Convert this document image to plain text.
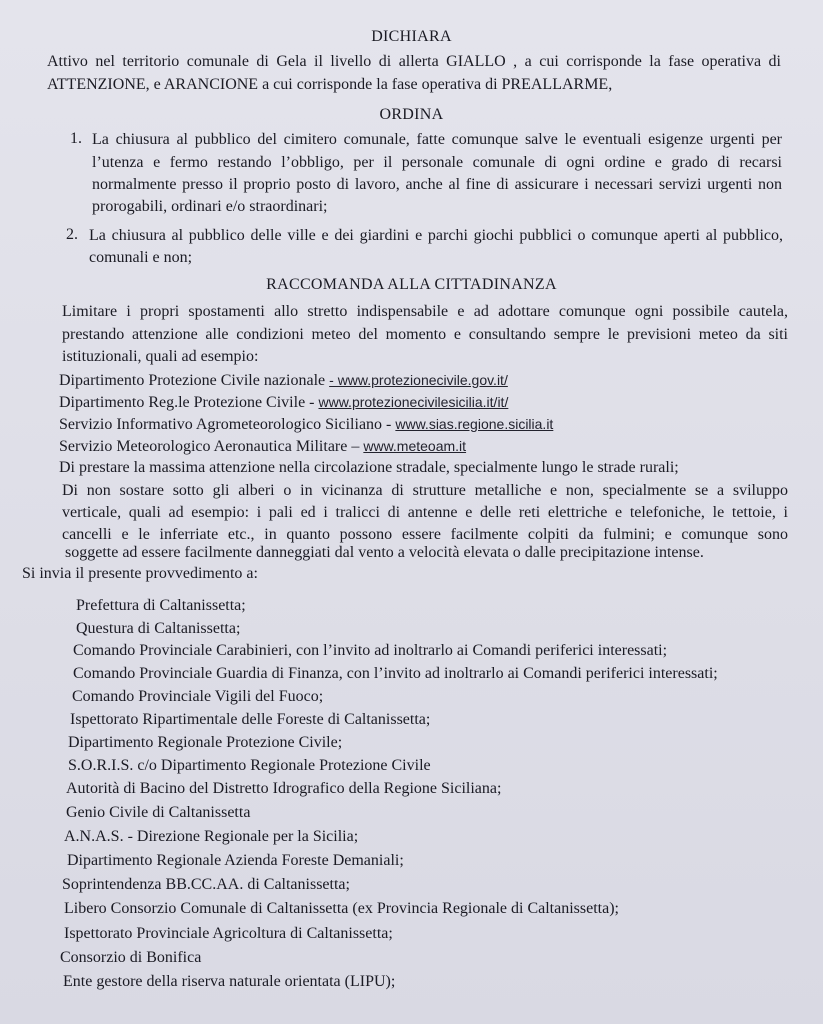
DICHIARA
Attivo nel territorio comunale di Gela il livello di allerta GIALLO , a cui corrisponde la fase operativa di
ATTENZIONE, e ARANCIONE a cui corrisponde la fase operativa di PREALLARME,
ORDINA
1. La chiusura al pubblico del cimitero comunale, fatte comunque salve le eventuali esigenze urgenti per
l’utenza e fermo restando l’obbligo, per il personale comunale di ogni ordine e grado di recarsi
normalmente presso il proprio posto di lavoro, anche al fine di assicurare i necessari servizi urgenti non
prorogabili, ordinari e/o straordinari;
2. La chiusura al pubblico delle ville e dei giardini e parchi giochi pubblici o comunque aperti al pubblico,
comunali e non;
RACCOMANDA ALLA CITTADINANZA
Limitare i propri spostamenti allo stretto indispensabile e ad adottare comunque ogni possibile cautela,
prestando attenzione alle condizioni meteo del momento e consultando sempre le previsioni meteo da siti
istituzionali, quali ad esempio:
Dipartimento Protezione Civile nazionale - www.protezionecivile.gov.it/
Dipartimento Reg.le Protezione Civile - www.protezionecivilesicilia.it/it/
Servizio Informativo Agrometeorologico Siciliano - www.sias.regione.sicilia.it
Servizio Meteorologico Aeronautica Militare – www.meteoam.it
Di prestare la massima attenzione nella circolazione stradale, specialmente lungo le strade rurali;
Di non sostare sotto gli alberi o in vicinanza di strutture metalliche e non, specialmente se a sviluppo
verticale, quali ad esempio: i pali ed i tralicci di antenne e delle reti elettriche e telefoniche, le tettoie, i
cancelli e le inferriate etc., in quanto possono essere facilmente colpiti da fulmini; e comunque sono
soggette ad essere facilmente danneggiati dal vento a velocità elevata o dalle precipitazione intense.
Si invia il presente provvedimento a:
Prefettura di Caltanissetta;
Questura di Caltanissetta;
Comando Provinciale Carabinieri, con l’invito ad inoltrarlo ai Comandi periferici interessati;
Comando Provinciale Guardia di Finanza, con l’invito ad inoltrarlo ai Comandi periferici interessati;
Comando Provinciale Vigili del Fuoco;
Ispettorato Ripartimentale delle Foreste di Caltanissetta;
Dipartimento Regionale Protezione Civile;
S.O.R.I.S. c/o Dipartimento Regionale Protezione Civile
Autorità di Bacino del Distretto Idrografico della Regione Siciliana;
Genio Civile di Caltanissetta
A.N.A.S. - Direzione Regionale per la Sicilia;
Dipartimento Regionale Azienda Foreste Demaniali;
Soprintendenza BB.CC.AA. di Caltanissetta;
Libero Consorzio Comunale di Caltanissetta (ex Provincia Regionale di Caltanissetta);
Ispettorato Provinciale Agricoltura di Caltanissetta;
Consorzio di Bonifica
Ente gestore della riserva naturale orientata (LIPU);
